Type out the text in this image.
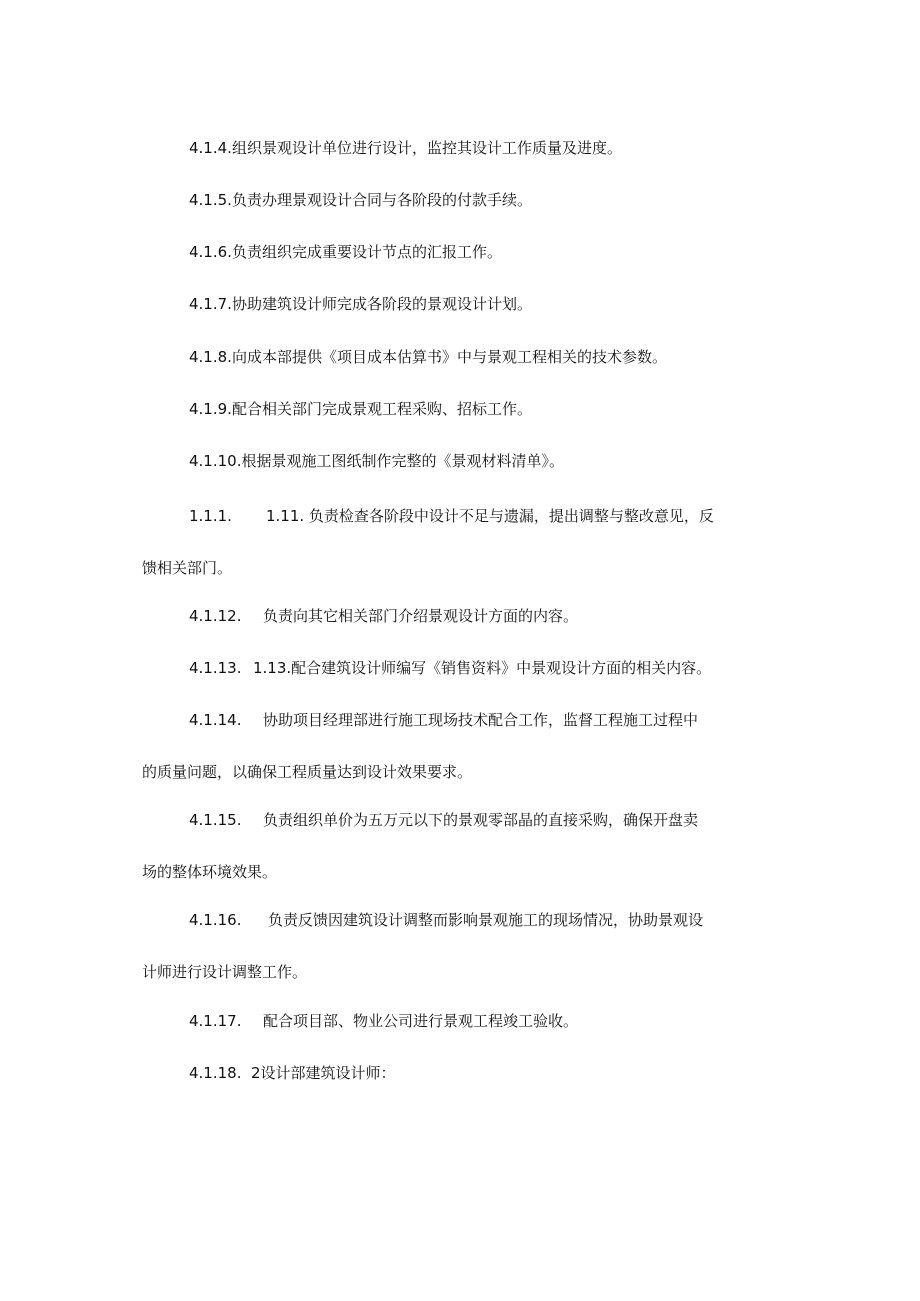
4.1.4.组织景观设计单位进行设计，监控其设计工作质量及进度。
4.1.5.负责办理景观设计合同与各阶段的付款手续。
4.1.6.负责组织完成重要设计节点的汇报工作。
4.1.7.协助建筑设计师完成各阶段的景观设计计划。
4.1.8.向成本部提供《项目成本估算书》中与景观工程相关的技术参数。
4.1.9.配合相关部门完成景观工程采购、招标工作。
4.1.10.根据景观施工图纸制作完整的《景观材料清单》。
1.1.1. 1.11. 负责检查各阶段中设计不足与遗漏，提出调整与整改意见，反
馈相关部门。
4.1.12. 负责向其它相关部门介绍景观设计方面的内容。
4.1.13. 1.13.配合建筑设计师编写《销售资料》中景观设计方面的相关内容。
4.1.14. 协助项目经理部进行施工现场技术配合工作，监督工程施工过程中
的质量问题，以确保工程质量达到设计效果要求。
4.1.15. 负责组织单价为五万元以下的景观零部晶的直接采购，确保开盘卖
场的整体环境效果。
4.1.16. 负责反馈因建筑设计调整而影响景观施工的现场情况，协助景观设
计师进行设计调整工作。
4.1.17. 配合项目部、物业公司进行景观工程竣工验收。
4.1.18. 2设计部建筑设计师：
